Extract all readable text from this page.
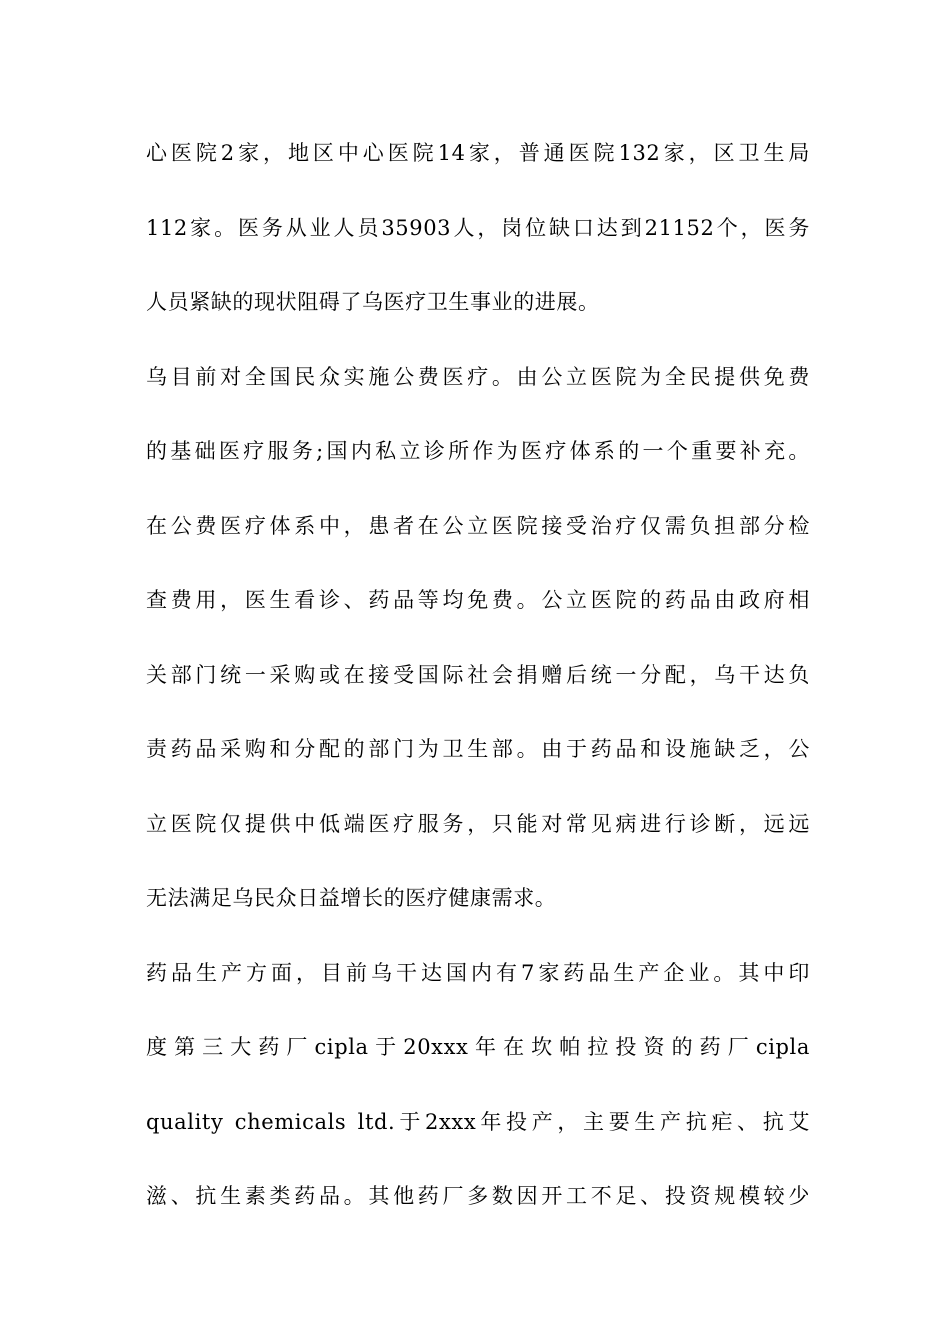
心医院2家，地区中心医院14家，普通医院132家，区卫生局
112家。医务从业人员35903人，岗位缺口达到21152个，医务
人员紧缺的现状阻碍了乌医疗卫生事业的进展。
乌目前对全国民众实施公费医疗。由公立医院为全民提供免费
的基础医疗服务;国内私立诊所作为医疗体系的一个重要补充。
在公费医疗体系中，患者在公立医院接受治疗仅需负担部分检
查费用，医生看诊、药品等均免费。公立医院的药品由政府相
关部门统一采购或在接受国际社会捐赠后统一分配，乌干达负
责药品采购和分配的部门为卫生部。由于药品和设施缺乏，公
立医院仅提供中低端医疗服务，只能对常见病进行诊断，远远
无法满足乌民众日益增长的医疗健康需求。
药品生产方面，目前乌干达国内有7家药品生产企业。其中印
度第三大药厂cipla于20xxx年在坎帕拉投资的药厂cipla
quality chemicals ltd.于2xxx年投产，主要生产抗疟、抗艾
滋、抗生素类药品。其他药厂多数因开工不足、投资规模较少
